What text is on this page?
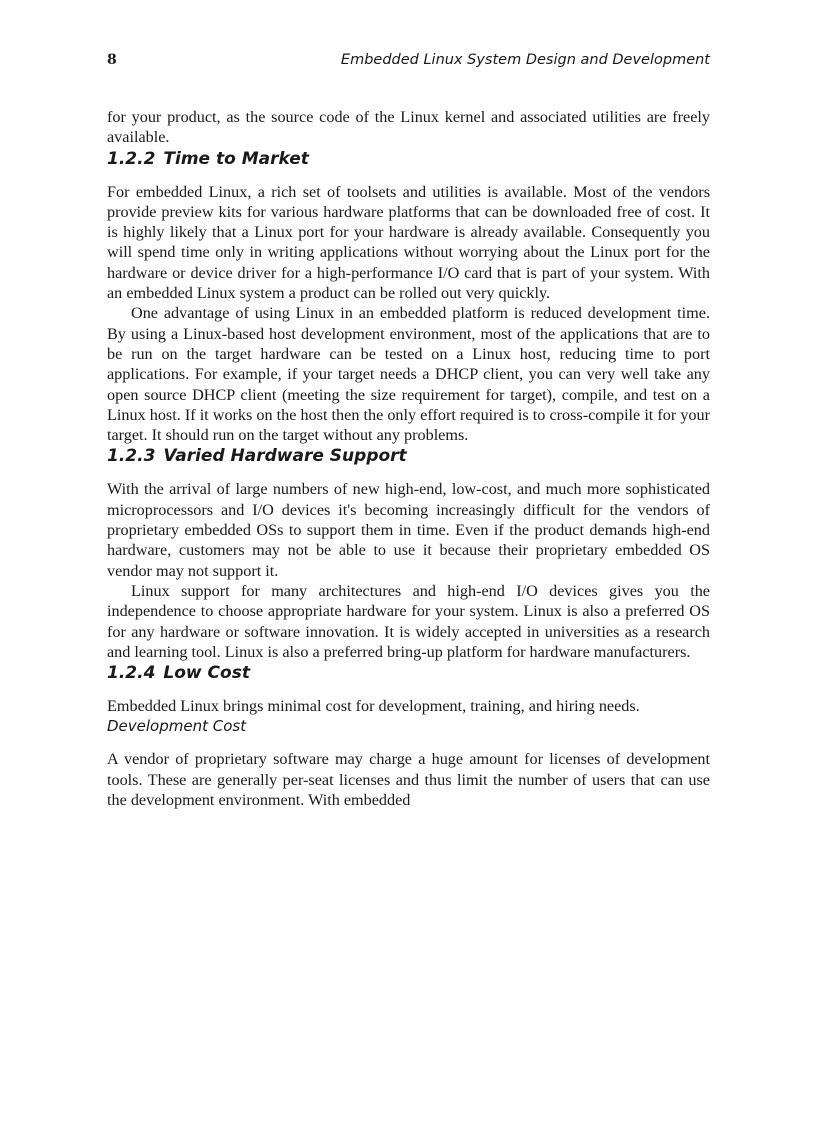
8	Embedded Linux System Design and Development

for your product, as the source code of the Linux kernel and associated utilities are freely available.

1.2.2 Time to Market

For embedded Linux, a rich set of toolsets and utilities is available. Most of the vendors provide preview kits for various hardware platforms that can be downloaded free of cost. It is highly likely that a Linux port for your hardware is already available. Consequently you will spend time only in writing applications without worrying about the Linux port for the hardware or device driver for a high-performance I/O card that is part of your system. With an embedded Linux system a product can be rolled out very quickly.

One advantage of using Linux in an embedded platform is reduced development time. By using a Linux-based host development environment, most of the applications that are to be run on the target hardware can be tested on a Linux host, reducing time to port applications. For example, if your target needs a DHCP client, you can very well take any open source DHCP client (meeting the size requirement for target), compile, and test on a Linux host. If it works on the host then the only effort required is to cross-compile it for your target. It should run on the target without any problems.

1.2.3 Varied Hardware Support

With the arrival of large numbers of new high-end, low-cost, and much more sophisticated microprocessors and I/O devices it's becoming increasingly difficult for the vendors of proprietary embedded OSs to support them in time. Even if the product demands high-end hardware, customers may not be able to use it because their proprietary embedded OS vendor may not support it.

Linux support for many architectures and high-end I/O devices gives you the independence to choose appropriate hardware for your system. Linux is also a preferred OS for any hardware or software innovation. It is widely accepted in universities as a research and learning tool. Linux is also a preferred bring-up platform for hardware manufacturers.

1.2.4 Low Cost

Embedded Linux brings minimal cost for development, training, and hiring needs.

Development Cost

A vendor of proprietary software may charge a huge amount for licenses of development tools. These are generally per-seat licenses and thus limit the number of users that can use the development environment. With embedded
